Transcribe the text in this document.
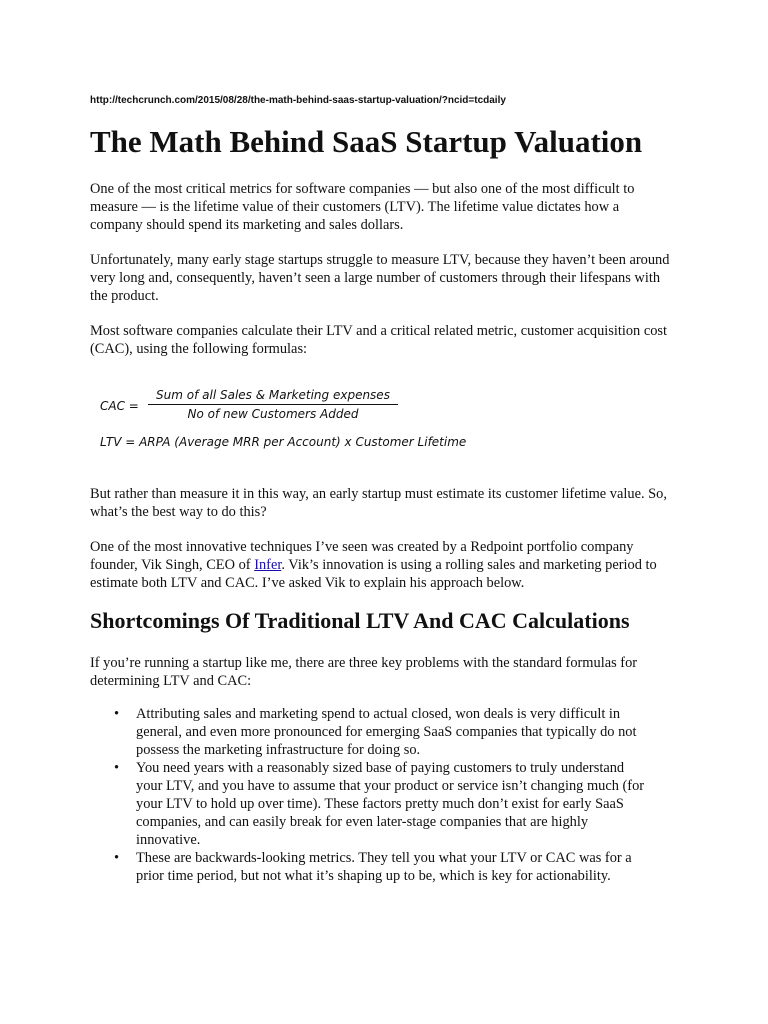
http://techcrunch.com/2015/08/28/the-math-behind-saas-startup-valuation/?ncid=tcdaily
The Math Behind SaaS Startup Valuation

One of the most critical metrics for software companies — but also one of the most difficult to measure — is the lifetime value of their customers (LTV). The lifetime value dictates how a company should spend its marketing and sales dollars.

Unfortunately, many early stage startups struggle to measure LTV, because they haven’t been around very long and, consequently, haven’t seen a large number of customers through their lifespans with the product.

Most software companies calculate their LTV and a critical related metric, customer acquisition cost (CAC), using the following formulas:

CAC =
Sum of all Sales & Marketing expenses
No of new Customers Added
LTV = ARPA (Average MRR per Account) x Customer Lifetime

But rather than measure it in this way, an early startup must estimate its customer lifetime value. So, what’s the best way to do this?

One of the most innovative techniques I’ve seen was created by a Redpoint portfolio company founder, Vik Singh, CEO of Infer. Vik’s innovation is using a rolling sales and marketing period to estimate both LTV and CAC. I’ve asked Vik to explain his approach below.

Shortcomings Of Traditional LTV And CAC Calculations

If you’re running a startup like me, there are three key problems with the standard formulas for determining LTV and CAC:

• Attributing sales and marketing spend to actual closed, won deals is very difficult in general, and even more pronounced for emerging SaaS companies that typically do not possess the marketing infrastructure for doing so.
• You need years with a reasonably sized base of paying customers to truly understand your LTV, and you have to assume that your product or service isn’t changing much (for your LTV to hold up over time). These factors pretty much don’t exist for early SaaS companies, and can easily break for even later-stage companies that are highly innovative.
• These are backwards-looking metrics. They tell you what your LTV or CAC was for a prior time period, but not what it’s shaping up to be, which is key for actionability.
